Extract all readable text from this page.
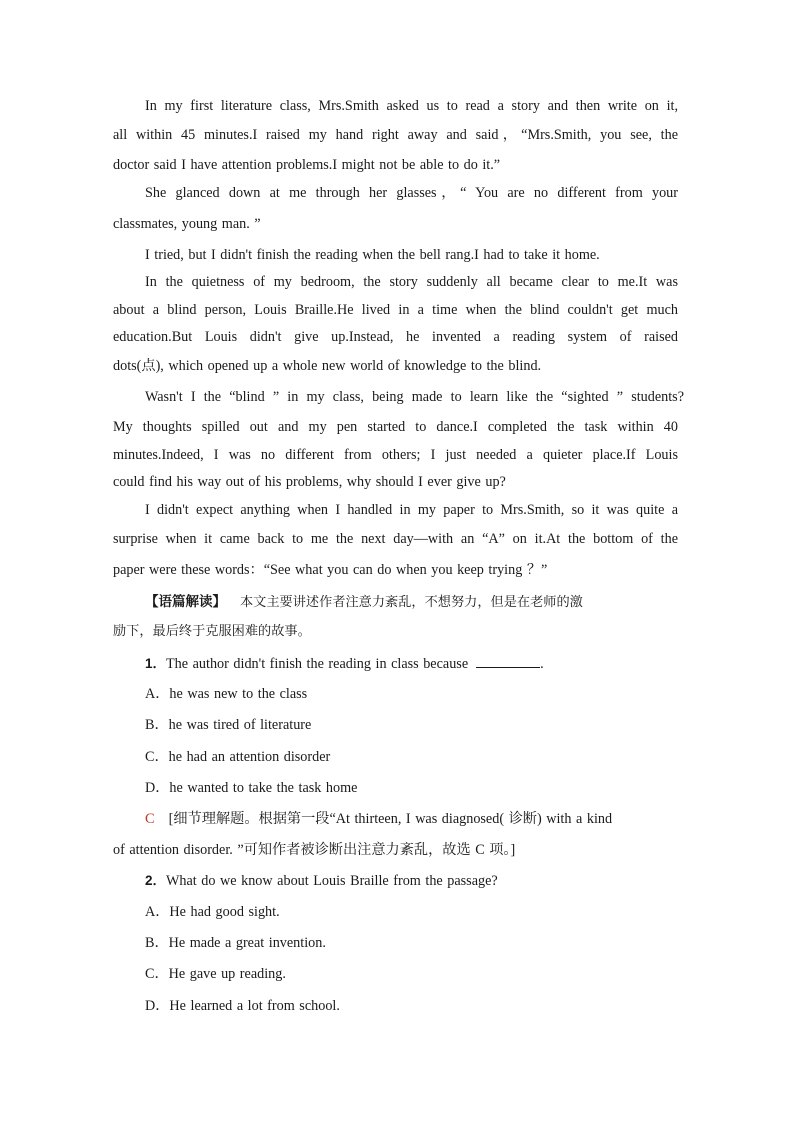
In my first literature class, Mrs.Smith asked us to read a story and then write on it,
all within 45 minutes.I raised my hand right away and said，“Mrs.Smith, you see, the
doctor said I have attention problems.I might not be able to do it.”
She glanced down at me through her glasses，“ You are no different from your
classmates, young man. ”
I tried, but I didn't finish the reading when the bell rang.I had to take it home.
In the quietness of my bedroom, the story suddenly all became clear to me.It was
about a blind person, Louis Braille.He lived in a time when the blind couldn't get much
education.But Louis didn't give up.Instead, he invented a reading system of raised
dots(点), which opened up a whole new world of knowledge to the blind.
Wasn't I the “blind ” in my class, being made to learn like the “sighted ” students?
My thoughts spilled out and my pen started to dance.I completed the task within 40
minutes.Indeed, I was no different from others; I just needed a quieter place.If Louis
could find his way out of his problems, why should I ever give up?
I didn't expect anything when I handled in my paper to Mrs.Smith, so it was quite a
surprise when it came back to me the next day—with an “A” on it.At the bottom of the
paper were these words：“See what you can do when you keep trying ？”
【语篇解读】 本文主要讲述作者注意力紊乱，不想努力，但是在老师的激
励下，最后终于克服困难的故事。
1．The author didn't finish the reading in class because	.
A．he was new to the class
B．he was tired of literature
C．he had an attention disorder
D．he wanted to take the task home
C [细节理解题。根据第一段“At thirteen, I was diagnosed( 诊断) with a kind
of attention disorder. ”可知作者被诊断出注意力紊乱，故选 C 项。]
2．What do we know about Louis Braille from the passage?
A．He had good sight.
B．He made a great invention.
C．He gave up reading.
D．He learned a lot from school.
